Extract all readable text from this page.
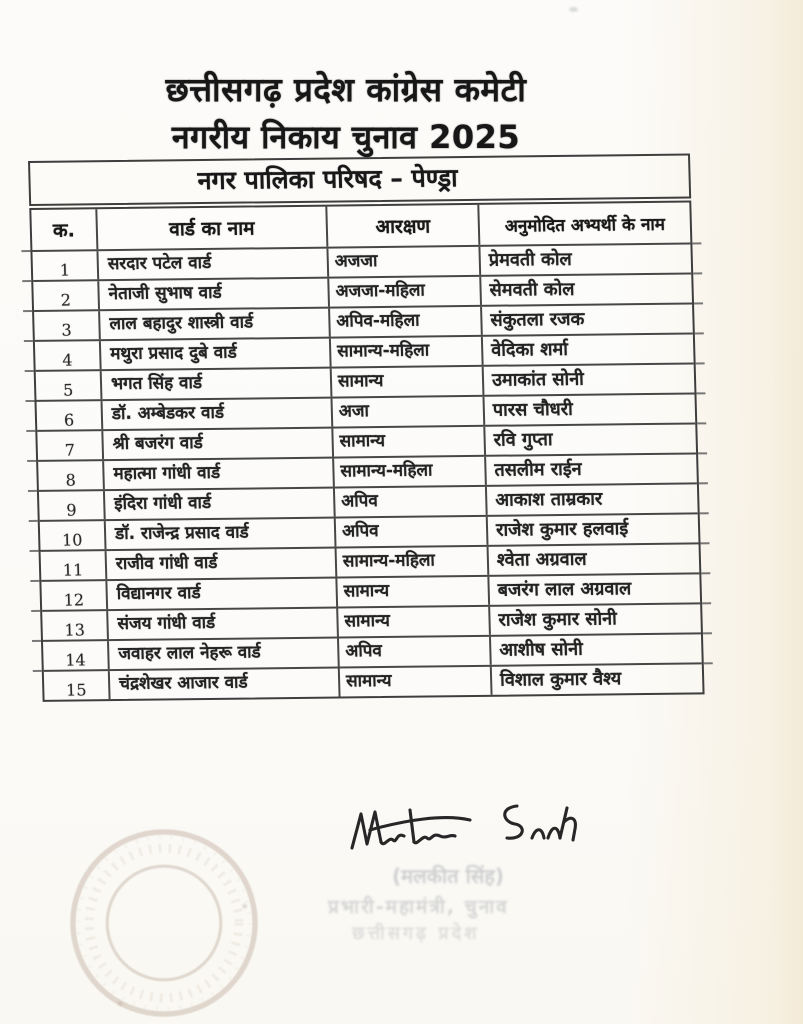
छत्तीसगढ़ प्रदेश कांग्रेस कमेटी
नगरीय निकाय चुनाव 2025
नगर पालिका परिषद – पेण्ड्रा
क.	वार्ड का नाम	आरक्षण	अनुमोदित अभ्यर्थी के नाम
1	सरदार पटेल वार्ड	अजजा	प्रेमवती कोल
2	नेताजी सुभाष वार्ड	अजजा-महिला	सेमवती कोल
3	लाल बहादुर शास्त्री वार्ड	अपिव-महिला	संकुतला रजक
4	मथुरा प्रसाद दुबे वार्ड	सामान्य-महिला	वेदिका शर्मा
5	भगत सिंह वार्ड	सामान्य	उमाकांत सोनी
6	डॉ. अम्बेडकर वार्ड	अजा	पारस चौधरी
7	श्री बजरंग वार्ड	सामान्य	रवि गुप्ता
8	महात्मा गांधी वार्ड	सामान्य-महिला	तसलीम राईन
9	इंदिरा गांधी वार्ड	अपिव	आकाश ताम्रकार
10	डॉ. राजेन्द्र प्रसाद वार्ड	अपिव	राजेश कुमार हलवाई
11	राजीव गांधी वार्ड	सामान्य-महिला	श्वेता अग्रवाल
12	विद्यानगर वार्ड	सामान्य	बजरंग लाल अग्रवाल
13	संजय गांधी वार्ड	सामान्य	राजेश कुमार सोनी
14	जवाहर लाल नेहरू वार्ड	अपिव	आशीष सोनी
15	चंद्रशेखर आजार वार्ड	सामान्य	विशाल कुमार वैश्य
(मलकीत सिंह)
प्रभारी-महामंत्री, चुनाव
छत्तीसगढ़ प्रदेश
✶
✶
